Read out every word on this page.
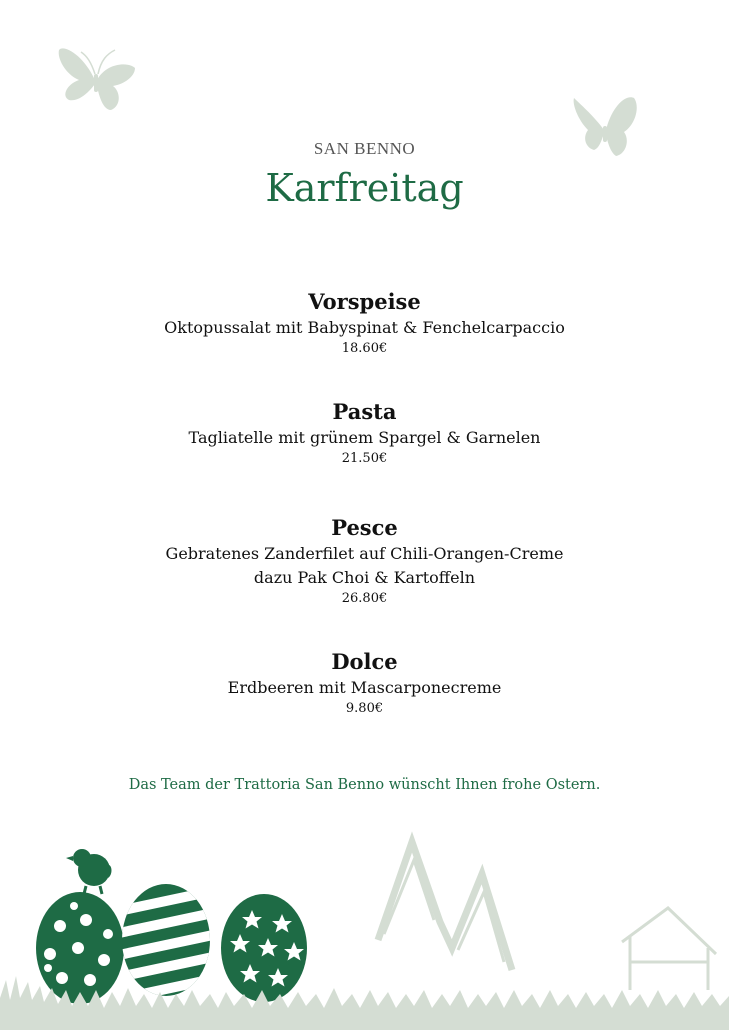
SAN BENNO
Karfreitag
Vorspeise
Oktopussalat mit Babyspinat & Fenchelcarpaccio
18.60€
Pasta
Tagliatelle mit grünem Spargel & Garnelen
21.50€
Pesce
Gebratenes Zanderfilet auf Chili-Orangen-Creme
dazu Pak Choi & Kartoffeln
26.80€
Dolce
Erdbeeren mit Mascarponecreme
9.80€
Das Team der Trattoria San Benno wünscht Ihnen frohe Ostern.
